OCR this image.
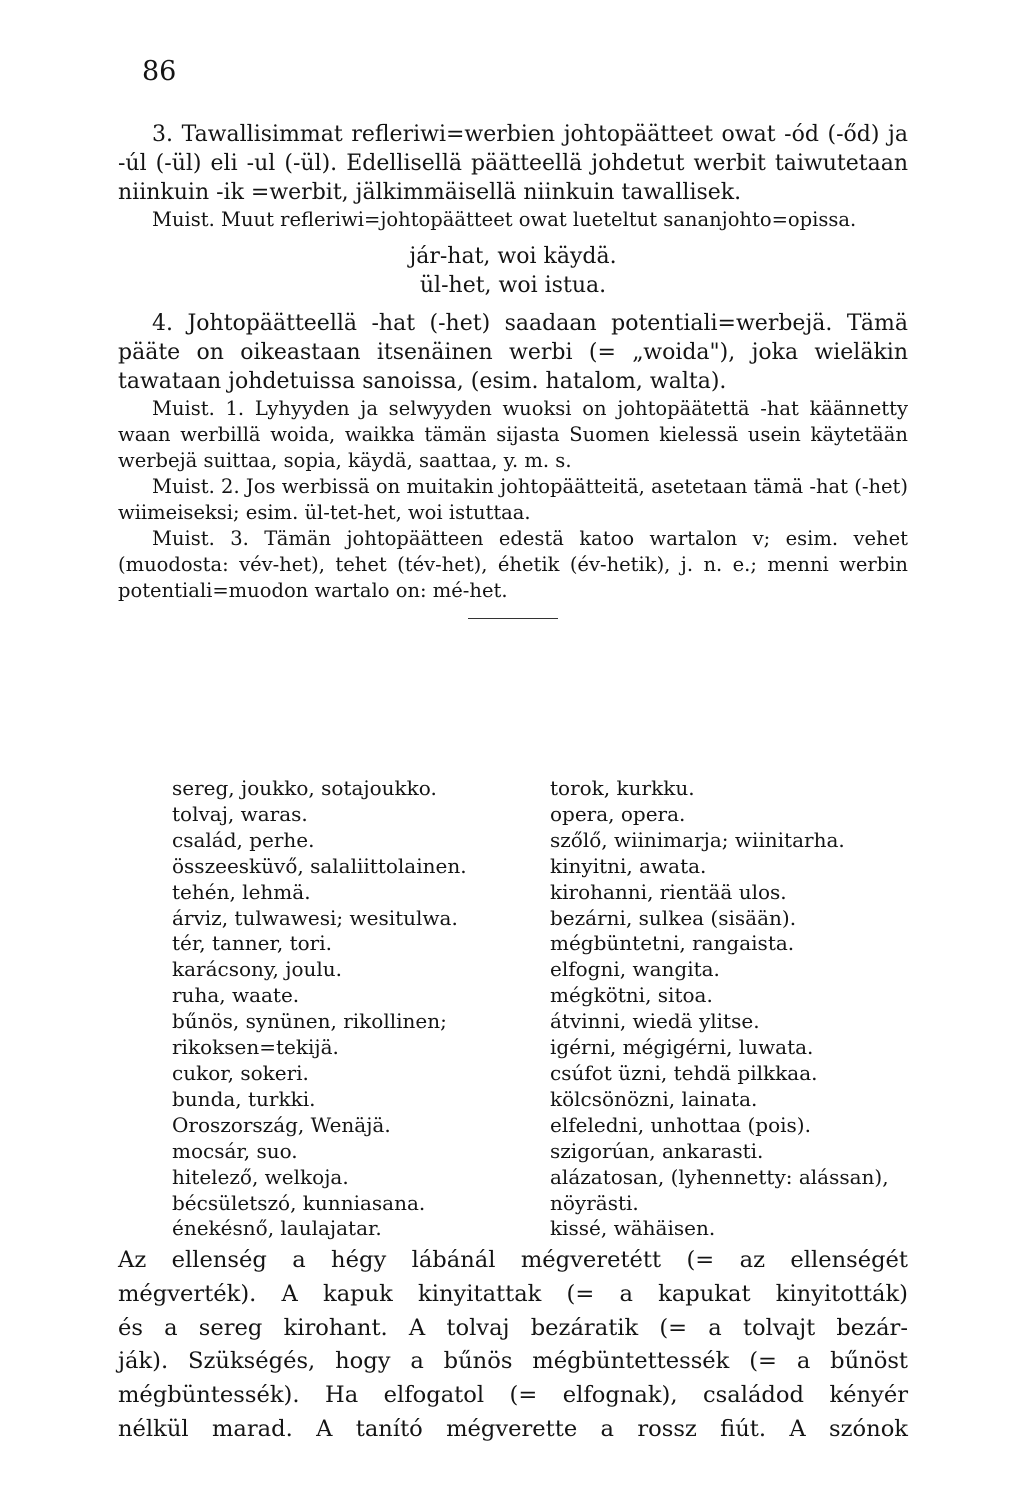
86

3. Tawallisimmat refleriwi=werbien johtopäätteet owat -ód (-őd) ja -úl (-ül) eli -ul (-ül). Edellisellä päätteellä johdetut werbit taiwutetaan niinkuin -ik =werbit, jälkimmäisellä niinkuin tawallisek.

Muist. Muut refleriwi=johtopäätteet owat lueteltut sananjohto=opissa.

jár-hat, woi käydä.

ül-het, woi istua.

4. Johtopäätteellä -hat (-het) saadaan potentiali=werbejä. Tämä pääte on oikeastaan itsenäinen werbi (= „woida"), joka wieläkin tawataan johdetuissa sanoissa, (esim. hatalom, walta).

Muist. 1. Lyhyyden ja selwyyden wuoksi on johtopäätettä -hat käännetty waan werbillä woida, waikka tämän sijasta Suomen kielessä usein käytetään werbejä suittaa, sopia, käydä, saattaa, y. m. s.

Muist. 2. Jos werbissä on muitakin johtopäätteitä, asetetaan tämä -hat (-het) wiimeiseksi; esim. ül-tet-het, woi istuttaa.

Muist. 3. Tämän johtopäätteen edestä katoo wartalon v; esim. vehet (muodosta: vév-het), tehet (tév-het), éhetik (év-hetik), j. n. e.; menni werbin potentiali=muodon wartalo on: mé-het.

sereg, joukko, sotajoukko.
tolvaj, waras.
család, perhe.
összeesküvő, salaliittolainen.
tehén, lehmä.
árviz, tulwawesi; wesitulwa.
tér, tanner, tori.
karácsony, joulu.
ruha, waate.
bűnös, synünen, rikollinen; rikoksen=tekijä.
cukor, sokeri.
bunda, turkki.
Oroszország, Wenäjä.
mocsár, suo.
hitelező, welkoja.
bécsületszó, kunniasana.
énekésnő, laulajatar.
torok, kurkku.
opera, opera.
szőlő, wiinimarja; wiinitarha.
kinyitni, awata.
kirohanni, rientää ulos.
bezárni, sulkea (sisään).
mégbüntetni, rangaista.
elfogni, wangita.
mégkötni, sitoa.
átvinni, wiedä ylitse.
igérni, mégigérni, luwata.
csúfot üzni, tehdä pilkkaa.
kölcsönözni, lainata.
elfeledni, unhottaa (pois).
szigorúan, ankarasti.
alázatosan, (lyhennetty: alássan), nöyrästi.
kissé, wähäisen.

Az ellenség a hégy lábánál mégveretétt (= az ellenségét

mégverték). A kapuk kinyitattak (= a kapukat kinyitották)

és a sereg kirohant. A tolvaj bezáratik (= a tolvajt bezár-

ják). Szükségés, hogy a bűnös mégbüntettessék (= a bűnöst

mégbüntessék). Ha elfogatol (= elfognak), családod kényér

nélkül marad. A tanító mégverette a rossz fiút. A szónok
